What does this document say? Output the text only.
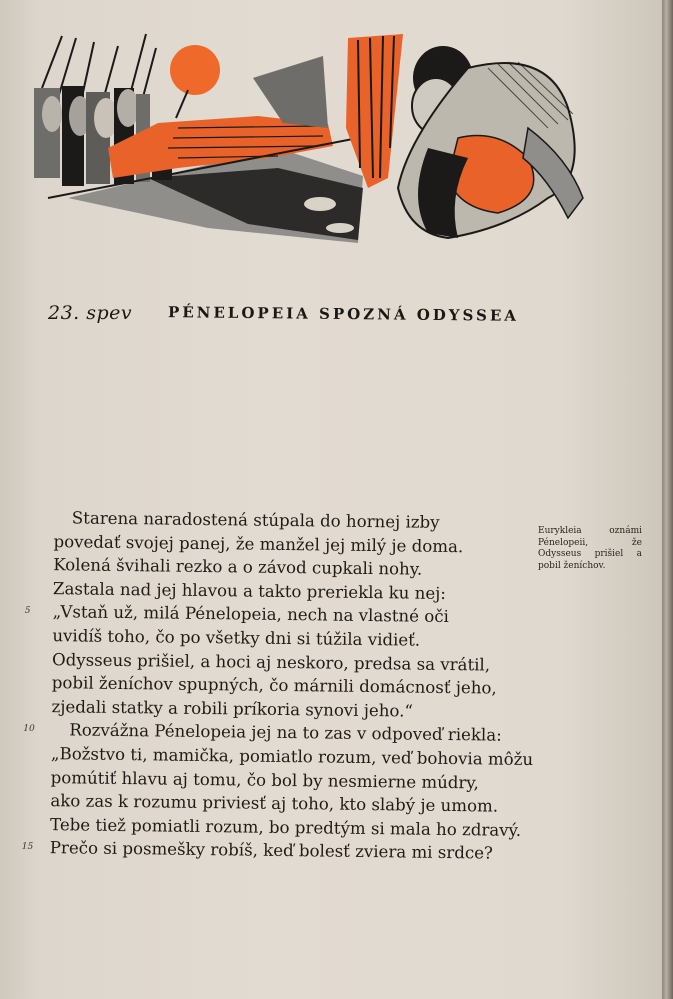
23. spev PÉNELOPEIA SPOZNÁ ODYSSEA
Starena naradostená stúpala do hornej izby
povedať svojej panej, že manžel jej milý je doma.
Kolená švihali rezko a o závod cupkali nohy.
Zastala nad jej hlavou a takto preriekla ku nej:
5 „Vstaň už, milá Pénelopeia, nech na vlastné oči
uvidíš toho, čo po všetky dni si túžila vidieť.
Odysseus prišiel, a hoci aj neskoro, predsa sa vrátil,
pobil ženíchov spupných, čo márnili domácnosť jeho,
zjedali statky a robili príkoria synovi jeho.“
10 Rozvážna Pénelopeia jej na to zas v odpoveď riekla:
„Božstvo ti, mamička, pomiatlo rozum, veď bohovia môžu
pomútiť hlavu aj tomu, čo bol by nesmierne múdry,
ako zas k rozumu priviesť aj toho, kto slabý je umom.
Tebe tiež pomiatli rozum, bo predtým si mala ho zdravý.
15 Prečo si posmešky robíš, keď bolesť zviera mi srdce?
Eurykleia oznámi Pénelopeii, že Odysseus prišiel a pobil ženíchov.
